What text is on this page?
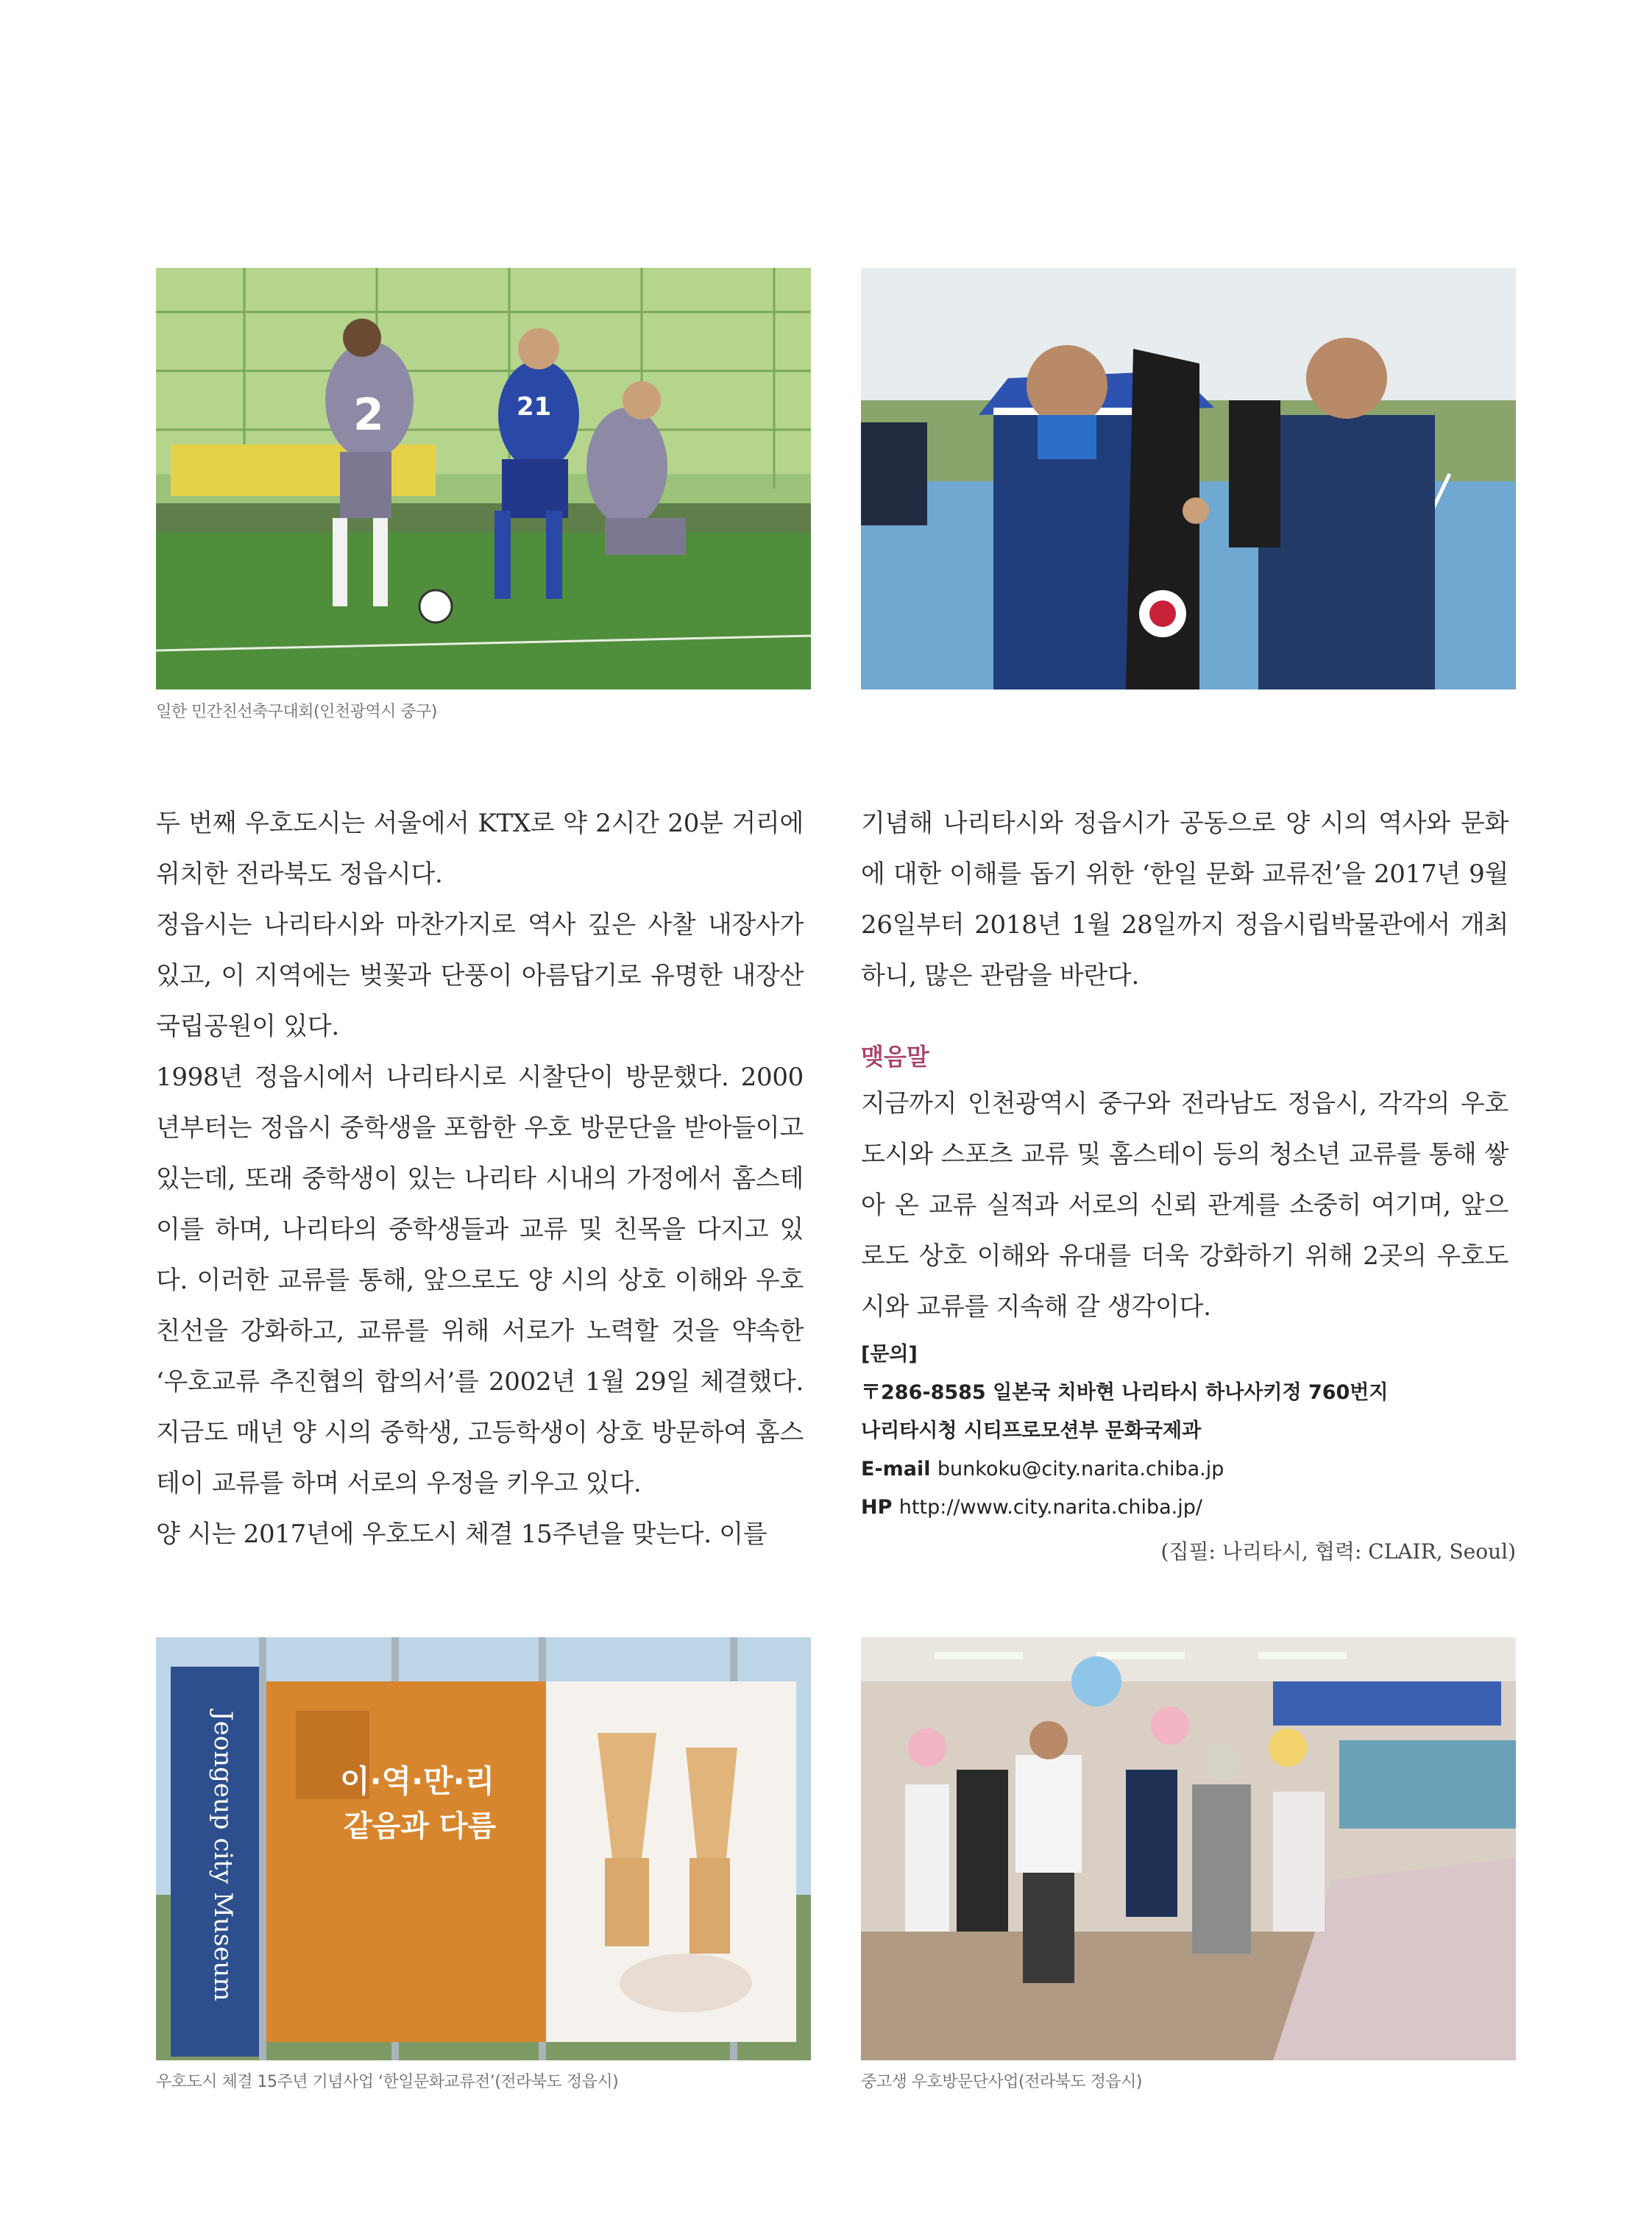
2	21
일한 민간친선축구대회(인천광역시 중구)

두 번째 우호도시는 서울에서 KTX로 약 2시간 20분 거리에 위치한 전라북도 정읍시다.

정읍시는 나리타시와 마찬가지로 역사 깊은 사찰 내장사가 있고, 이 지역에는 벚꽃과 단풍이 아름답기로 유명한 내장산 국립공원이 있다.

1998년 정읍시에서 나리타시로 시찰단이 방문했다. 2000년부터는 정읍시 중학생을 포함한 우호 방문단을 받아들이고 있는데, 또래 중학생이 있는 나리타 시내의 가정에서 홈스테이를 하며, 나리타의 중학생들과 교류 및 친목을 다지고 있다. 이러한 교류를 통해, 앞으로도 양 시의 상호 이해와 우호 친선을 강화하고, 교류를 위해 서로가 노력할 것을 약속한 ‘우호교류 추진협의 합의서’를 2002년 1월 29일 체결했다. 지금도 매년 양 시의 중학생, 고등학생이 상호 방문하여 홈스테이 교류를 하며 서로의 우정을 키우고 있다.

양 시는 2017년에 우호도시 체결 15주년을 맞는다. 이를

기념해 나리타시와 정읍시가 공동으로 양 시의 역사와 문화에 대한 이해를 돕기 위한 ‘한일 문화 교류전’을 2017년 9월 26일부터 2018년 1월 28일까지 정읍시립박물관에서 개최하니, 많은 관람을 바란다.

맺음말

지금까지 인천광역시 중구와 전라남도 정읍시, 각각의 우호도시와 스포츠 교류 및 홈스테이 등의 청소년 교류를 통해 쌓아 온 교류 실적과 서로의 신뢰 관계를 소중히 여기며, 앞으로도 상호 이해와 유대를 더욱 강화하기 위해 2곳의 우호도시와 교류를 지속해 갈 생각이다.

[문의]
〒286-8585 일본국 치바현 나리타시 하나사키정 760번지
나리타시청 시티프로모션부 문화국제과
E-mail bunkoku@city.narita.chiba.jp
HP http://www.city.narita.chiba.jp/
(집필: 나리타시, 협력: CLAIR, Seoul)
Jeongeup city Museum	이·역·만·리
같음과 다름
우호도시 체결 15주년 기념사업 ‘한일문화교류전’(전라북도 정읍시)	중고생 우호방문단사업(전라북도 정읍시)
